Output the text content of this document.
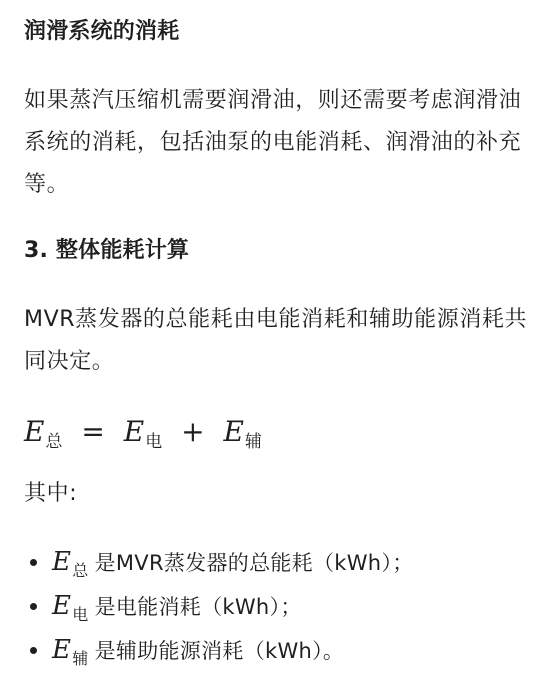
润滑系统的消耗
如果蒸汽压缩机需要润滑油，则还需要考虑润滑油系统的消耗，包括油泵的电能消耗、润滑油的补充等。
3. 整体能耗计算
MVR蒸发器的总能耗由电能消耗和辅助能源消耗共同决定。
$E_总 = E_电 + E_辅$
其中:
$E_总$ 是MVR蒸发器的总能耗（kWh）；
$E_电$ 是电能消耗（kWh）；
$E_辅$ 是辅助能源消耗（kWh）。
